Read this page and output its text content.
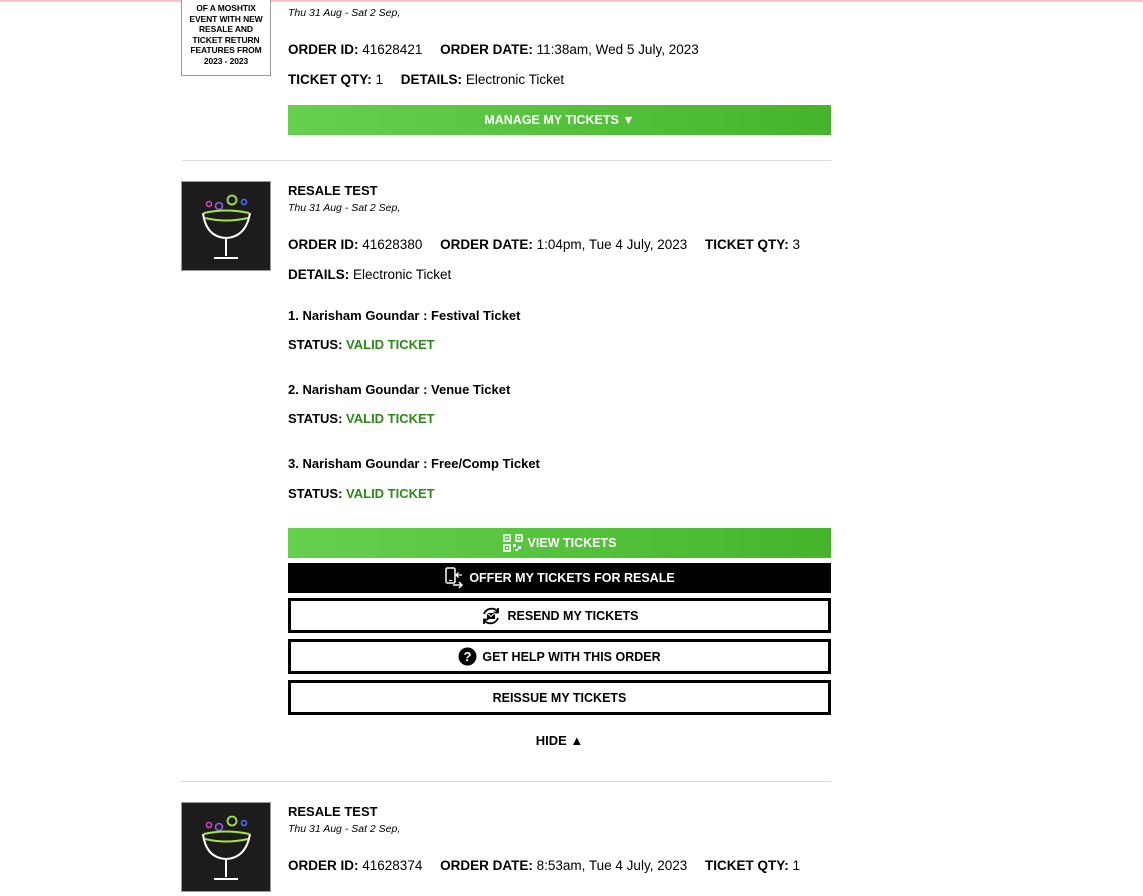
OF A MOSHTIX
EVENT WITH NEW
RESALE AND
TICKET RETURN
FEATURES FROM
2023 - 2023
Thu 31 Aug - Sat 2 Sep,
ORDER ID: 41628421 ORDER DATE: 11:38am, Wed 5 July, 2023
TICKET QTY: 1 DETAILS: Electronic Ticket
MANAGE MY TICKETS ▼
RESALE TEST
Thu 31 Aug - Sat 2 Sep,
ORDER ID: 41628380 ORDER DATE: 1:04pm, Tue 4 July, 2023 TICKET QTY: 3
DETAILS: Electronic Ticket
1. Narisham Goundar : Festival Ticket
STATUS: VALID TICKET
2. Narisham Goundar : Venue Ticket
STATUS: VALID TICKET
3. Narisham Goundar : Free/Comp Ticket
STATUS: VALID TICKET
VIEW TICKETS
OFFER MY TICKETS FOR RESALE
RESEND MY TICKETS
? GET HELP WITH THIS ORDER
REISSUE MY TICKETS
HIDE ▲
RESALE TEST
Thu 31 Aug - Sat 2 Sep,
ORDER ID: 41628374 ORDER DATE: 8:53am, Tue 4 July, 2023 TICKET QTY: 1
